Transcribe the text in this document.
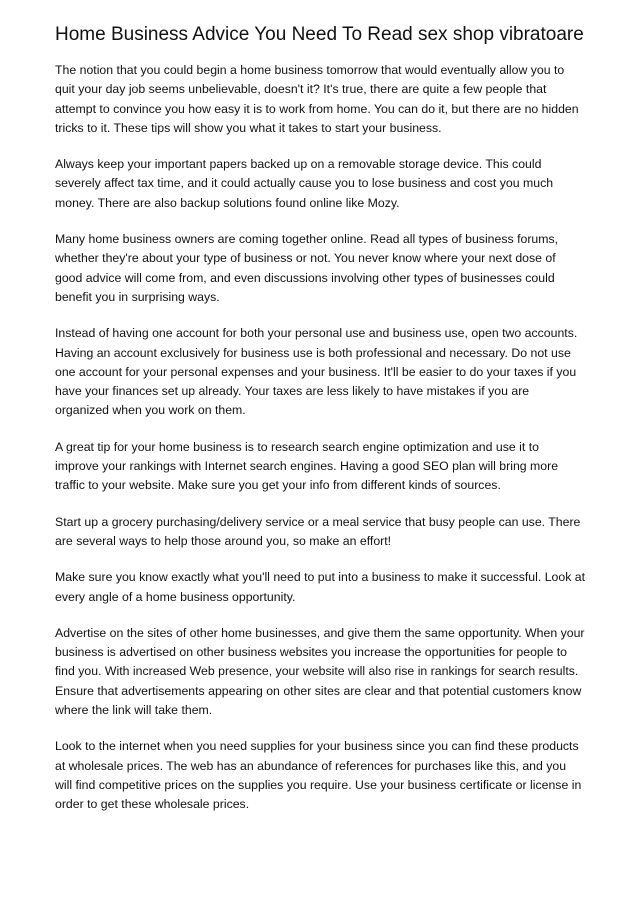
Home Business Advice You Need To Read sex shop vibratoare

The notion that you could begin a home business tomorrow that would eventually allow you to quit your day job seems unbelievable, doesn't it? It's true, there are quite a few people that attempt to convince you how easy it is to work from home. You can do it, but there are no hidden tricks to it. These tips will show you what it takes to start your business.

Always keep your important papers backed up on a removable storage device. This could severely affect tax time, and it could actually cause you to lose business and cost you much money. There are also backup solutions found online like Mozy.

Many home business owners are coming together online. Read all types of business forums, whether they're about your type of business or not. You never know where your next dose of good advice will come from, and even discussions involving other types of businesses could benefit you in surprising ways.

Instead of having one account for both your personal use and business use, open two accounts. Having an account exclusively for business use is both professional and necessary. Do not use one account for your personal expenses and your business. It'll be easier to do your taxes if you have your finances set up already. Your taxes are less likely to have mistakes if you are organized when you work on them.

A great tip for your home business is to research search engine optimization and use it to improve your rankings with Internet search engines. Having a good SEO plan will bring more traffic to your website. Make sure you get your info from different kinds of sources.

Start up a grocery purchasing/delivery service or a meal service that busy people can use. There are several ways to help those around you, so make an effort!

Make sure you know exactly what you'll need to put into a business to make it successful. Look at every angle of a home business opportunity.

Advertise on the sites of other home businesses, and give them the same opportunity. When your business is advertised on other business websites you increase the opportunities for people to find you. With increased Web presence, your website will also rise in rankings for search results. Ensure that advertisements appearing on other sites are clear and that potential customers know where the link will take them.

Look to the internet when you need supplies for your business since you can find these products at wholesale prices. The web has an abundance of references for purchases like this, and you will find competitive prices on the supplies you require. Use your business certificate or license in order to get these wholesale prices.
